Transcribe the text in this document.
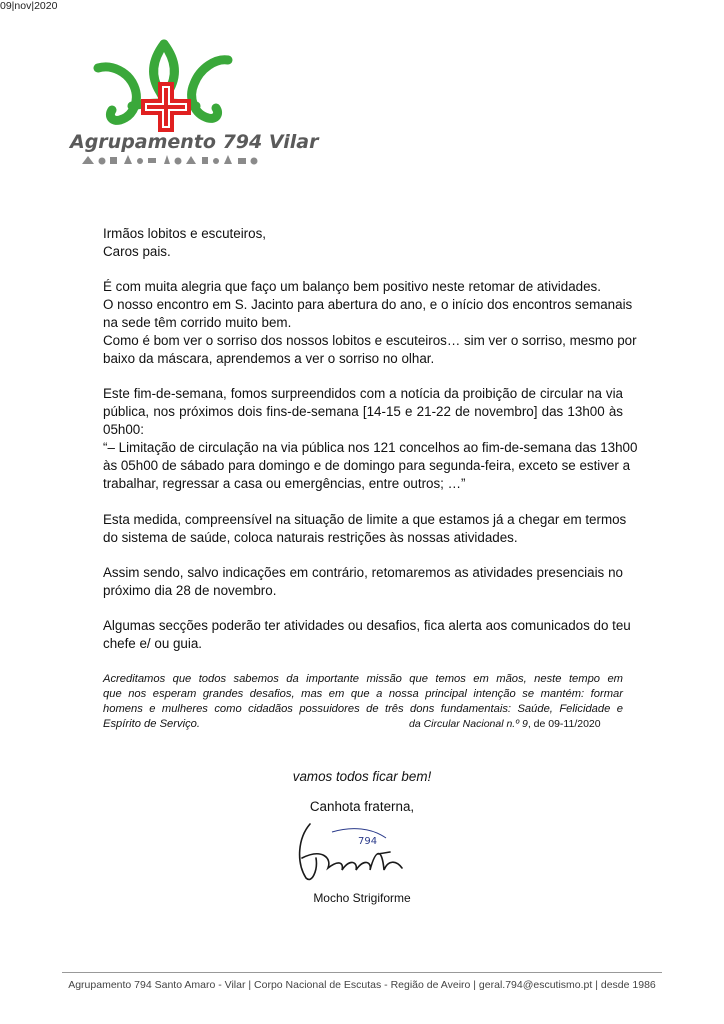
Agrupamento 794 Vilar
09|nov|2020
Irmãos lobitos e escuteiros,
Caros pais.
É com muita alegria que faço um balanço bem positivo neste retomar de atividades.
O nosso encontro em S. Jacinto para abertura do ano, e o início dos encontros semanais
na sede têm corrido muito bem.
Como é bom ver o sorriso dos nossos lobitos e escuteiros… sim ver o sorriso, mesmo por
baixo da máscara, aprendemos a ver o sorriso no olhar.
Este fim-de-semana, fomos surpreendidos com a notícia da proibição de circular na via
pública, nos próximos dois fins-de-semana [14-15 e 21-22 de novembro] das 13h00 às
05h00:
“– Limitação de circulação na via pública nos 121 concelhos ao fim-de-semana das 13h00
às 05h00 de sábado para domingo e de domingo para segunda-feira, exceto se estiver a
trabalhar, regressar a casa ou emergências, entre outros; …”
Esta medida, compreensível na situação de limite a que estamos já a chegar em termos
do sistema de saúde, coloca naturais restrições às nossas atividades.
Assim sendo, salvo indicações em contrário, retomaremos as atividades presenciais no
próximo dia 28 de novembro.
Algumas secções poderão ter atividades ou desafios, fica alerta aos comunicados do teu
chefe e/ ou guia.
Acreditamos que todos sabemos da importante missão que temos em mãos, neste tempo em
que nos esperam grandes desafios, mas em que a nossa principal intenção se mantém: formar
homens e mulheres como cidadãos possuidores de três dons fundamentais: Saúde, Felicidade e
Espírito de Serviço.	da Circular Nacional n.º 9, de 09-11/2020
vamos todos ficar bem!
Canhota fraterna,
794
Mocho Strigiforme
Agrupamento 794 Santo Amaro - Vilar | Corpo Nacional de Escutas - Região de Aveiro | geral.794@escutismo.pt | desde 1986
